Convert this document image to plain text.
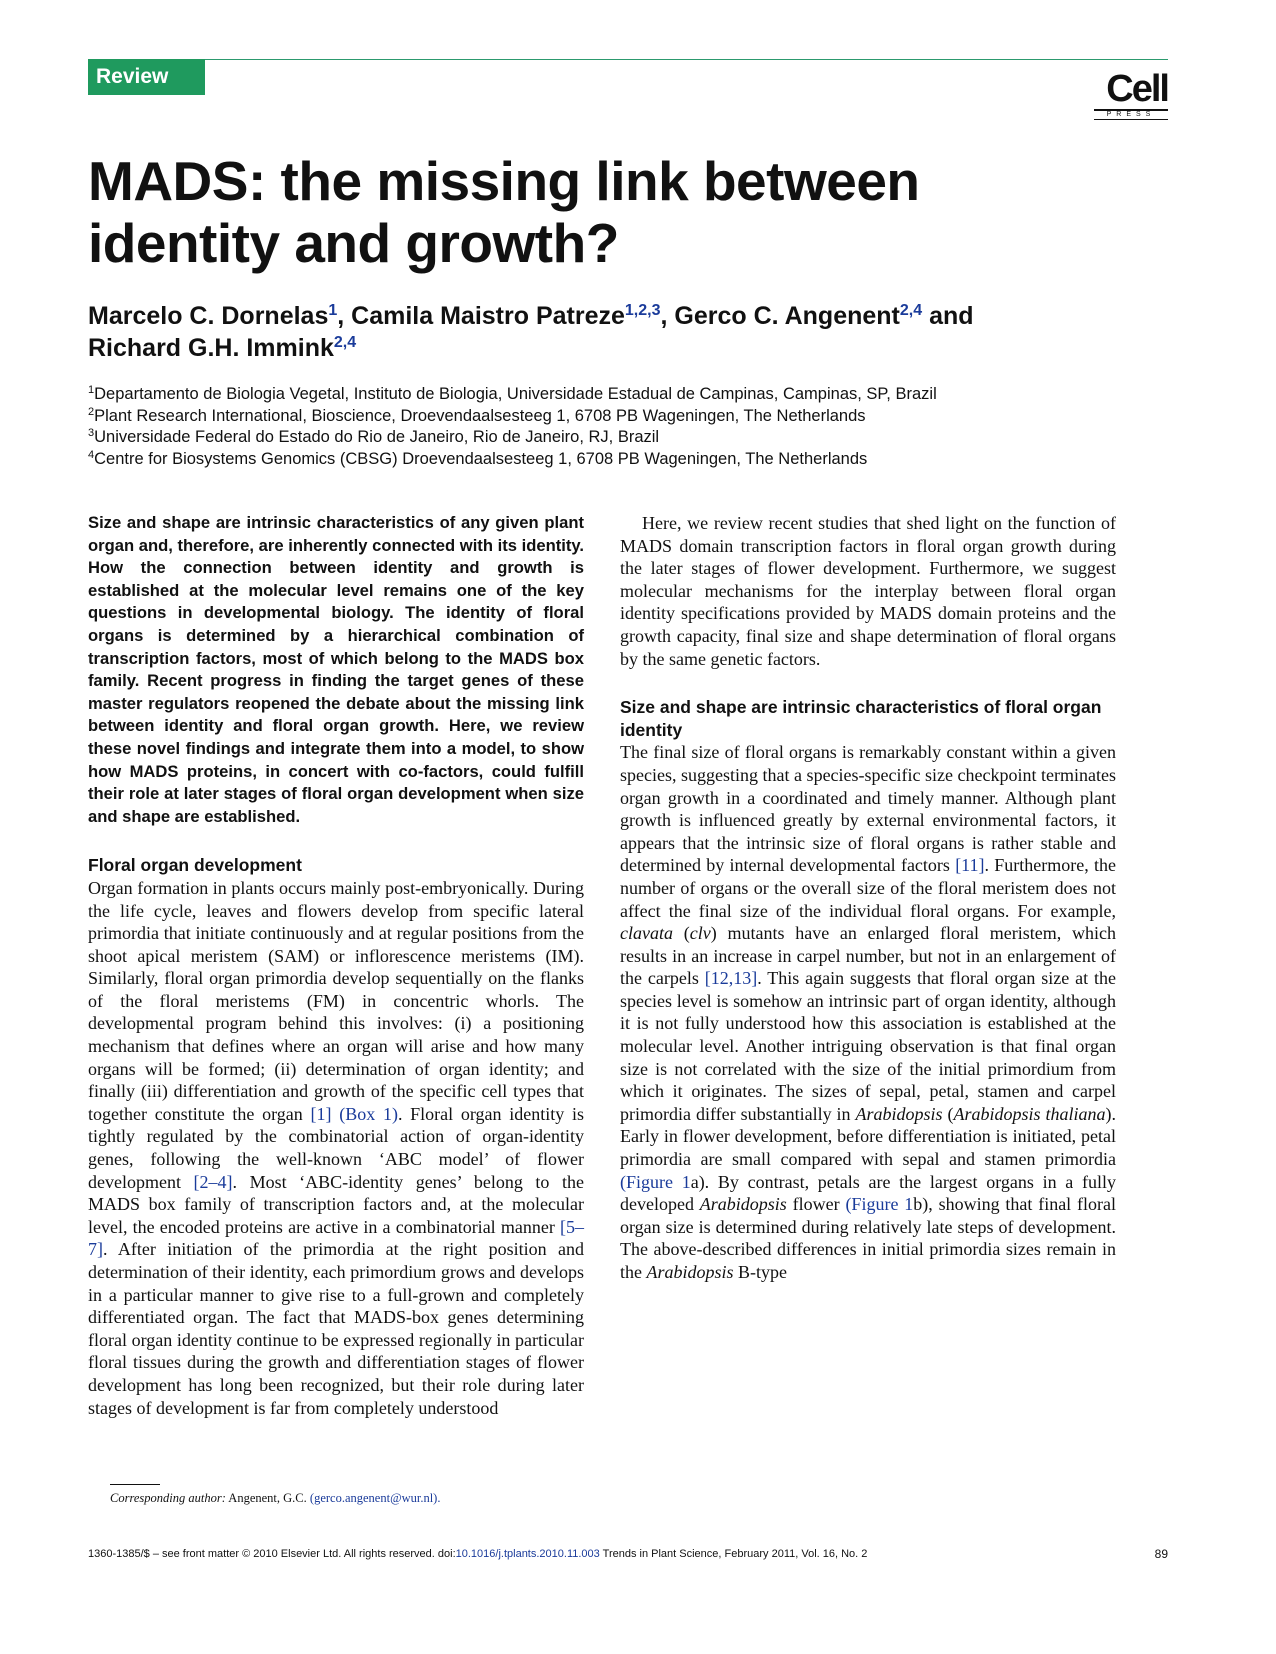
Review	Cell
PRESS
MADS: the missing link between
identity and growth?
Marcelo C. Dornelas$^1$, Camila Maistro Patreze$^{1,2,3}$, Gerco C. Angenent$^{2,4}$ and
Richard G.H. Immink$^{2,4}$
$^1$Departamento de Biologia Vegetal, Instituto de Biologia, Universidade Estadual de Campinas, Campinas, SP, Brazil
$^2$Plant Research International, Bioscience, Droevendaalsesteeg 1, 6708 PB Wageningen, The Netherlands
$^3$Universidade Federal do Estado do Rio de Janeiro, Rio de Janeiro, RJ, Brazil
$^4$Centre for Biosystems Genomics (CBSG) Droevendaalsesteeg 1, 6708 PB Wageningen, The Netherlands

Size and shape are intrinsic characteristics of any given plant organ and, therefore, are inherently connected with its identity. How the connection between identity and growth is established at the molecular level remains one of the key questions in developmental biology. The identity of floral organs is determined by a hierarchical combination of transcription factors, most of which belong to the MADS box family. Recent progress in finding the target genes of these master regulators reopened the debate about the missing link between identity and floral organ growth. Here, we review these novel findings and integrate them into a model, to show how MADS proteins, in concert with co-factors, could fulfill their role at later stages of floral organ development when size and shape are established.

Floral organ development

Organ formation in plants occurs mainly post-embryonically. During the life cycle, leaves and flowers develop from specific lateral primordia that initiate continuously and at regular positions from the shoot apical meristem (SAM) or inflorescence meristems (IM). Similarly, floral organ primordia develop sequentially on the flanks of the floral meristems (FM) in concentric whorls. The developmental program behind this involves: (i) a positioning mechanism that defines where an organ will arise and how many organs will be formed; (ii) determination of organ identity; and finally (iii) differentiation and growth of the specific cell types that together constitute the organ [1] (Box 1). Floral organ identity is tightly regulated by the combinatorial action of organ-identity genes, following the well-known ‘ABC model’ of flower development [2–4]. Most ‘ABC-identity genes’ belong to the MADS box family of transcription factors and, at the molecular level, the encoded proteins are active in a combinatorial manner [5–7]. After initiation of the primordia at the right position and determination of their identity, each primordium grows and develops in a particular manner to give rise to a full-grown and completely differentiated organ. The fact that MADS-box genes determining floral organ identity continue to be expressed regionally in particular floral tissues during the growth and differentiation stages of flower development has long been recognized, but their role during later stages of development is far from completely understood

Here, we review recent studies that shed light on the function of MADS domain transcription factors in floral organ growth during the later stages of flower development. Furthermore, we suggest molecular mechanisms for the interplay between floral organ identity specifications provided by MADS domain proteins and the growth capacity, final size and shape determination of floral organs by the same genetic factors.

Size and shape are intrinsic characteristics of floral organ identity

The final size of floral organs is remarkably constant within a given species, suggesting that a species-specific size checkpoint terminates organ growth in a coordinated and timely manner. Although plant growth is influenced greatly by external environmental factors, it appears that the intrinsic size of floral organs is rather stable and determined by internal developmental factors [11]. Furthermore, the number of organs or the overall size of the floral meristem does not affect the final size of the individual floral organs. For example, clavata (clv) mutants have an enlarged floral meristem, which results in an increase in carpel number, but not in an enlargement of the carpels [12,13]. This again suggests that floral organ size at the species level is somehow an intrinsic part of organ identity, although it is not fully understood how this association is established at the molecular level. Another intriguing observation is that final organ size is not correlated with the size of the initial primordium from which it originates. The sizes of sepal, petal, stamen and carpel primordia differ substantially in Arabidopsis (Arabidopsis thaliana). Early in flower development, before differentiation is initiated, petal primordia are small compared with sepal and stamen primordia (Figure 1a). By contrast, petals are the largest organs in a fully developed Arabidopsis flower (Figure 1b), showing that final floral organ size is determined during relatively late steps of development. The above-described differences in initial primordia sizes remain in the Arabidopsis B-type

Corresponding author: Angenent, G.C. (gerco.angenent@wur.nl).
1360-1385/$ – see front matter © 2010 Elsevier Ltd. All rights reserved. doi:10.1016/j.tplants.2010.11.003 Trends in Plant Science, February 2011, Vol. 16, No. 2	89
